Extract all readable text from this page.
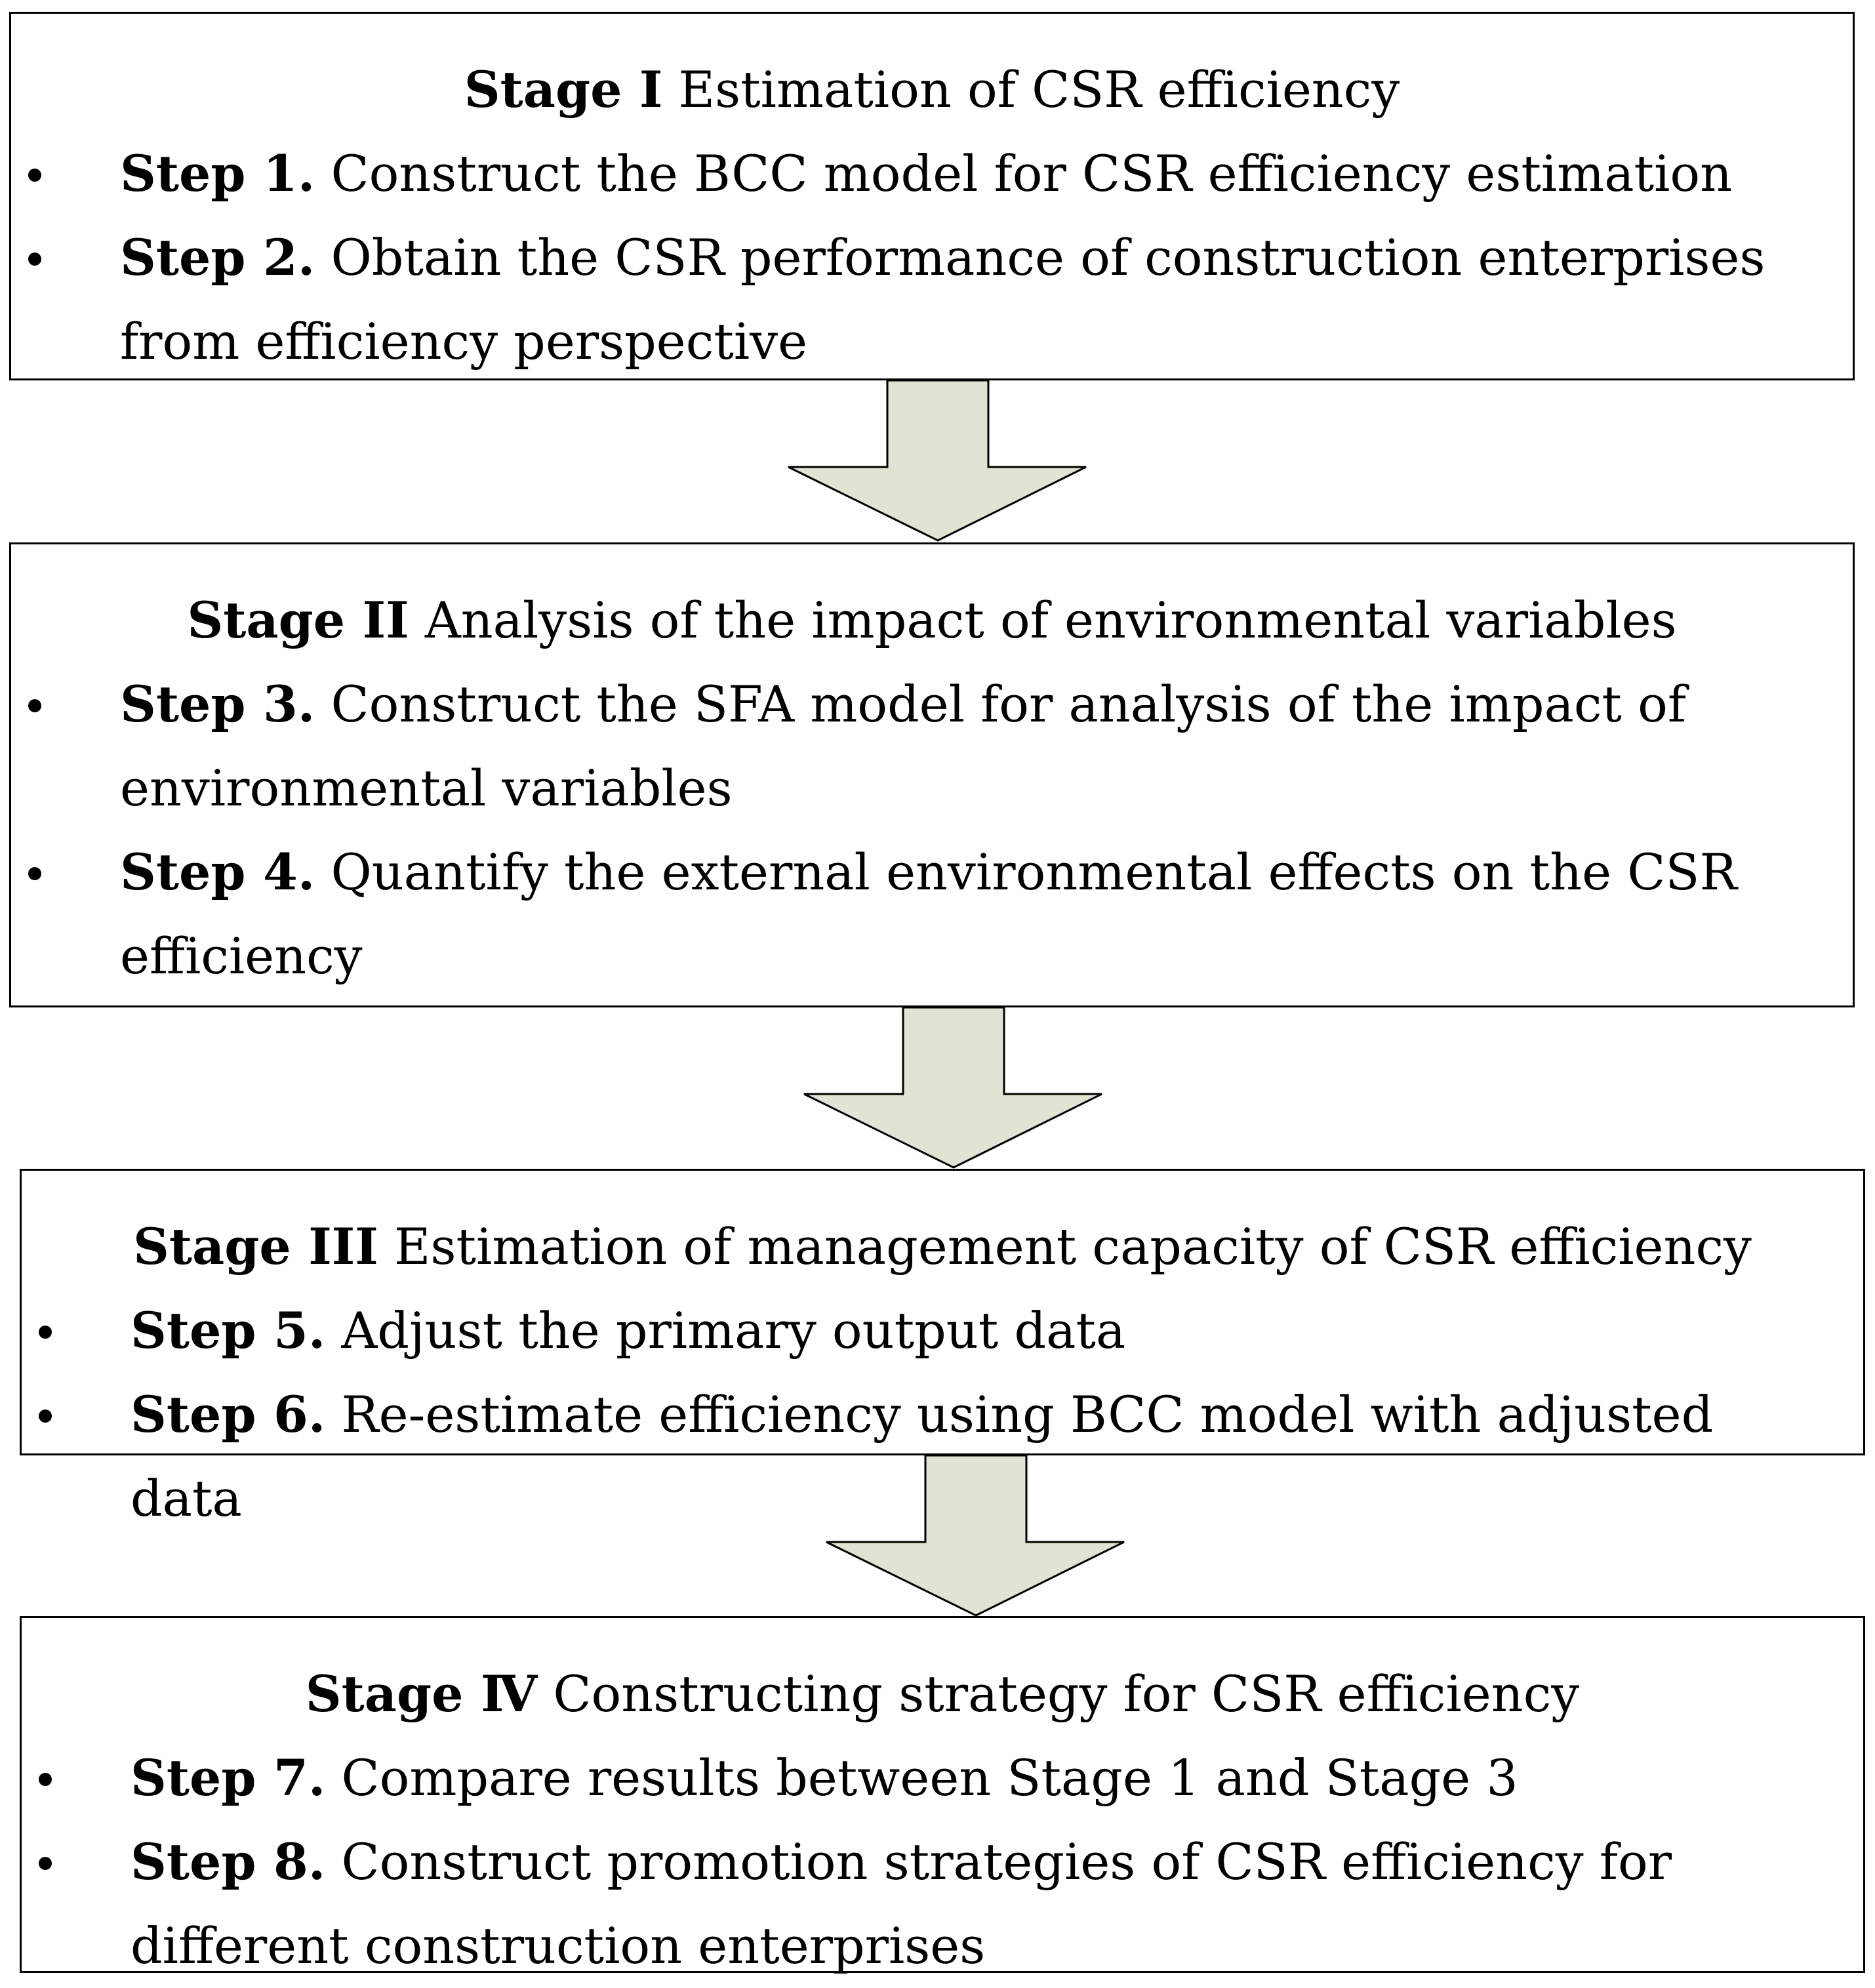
Stage I Estimation of CSR efficiency
Step 1. Construct the BCC model for CSR efficiency estimation
Step 2. Obtain the CSR performance of construction enterprises from efficiency perspective
Stage II Analysis of the impact of environmental variables
Step 3. Construct the SFA model for analysis of the impact of environmental variables
Step 4. Quantify the external environmental effects on the CSR efficiency
Stage III Estimation of management capacity of CSR efficiency
Step 5. Adjust the primary output data
Step 6. Re-estimate efficiency using BCC model with adjusted data
Stage Ⅳ Constructing strategy for CSR efficiency
Step 7. Compare results between Stage 1 and Stage 3
Step 8. Construct promotion strategies of CSR efficiency for different construction enterprises
